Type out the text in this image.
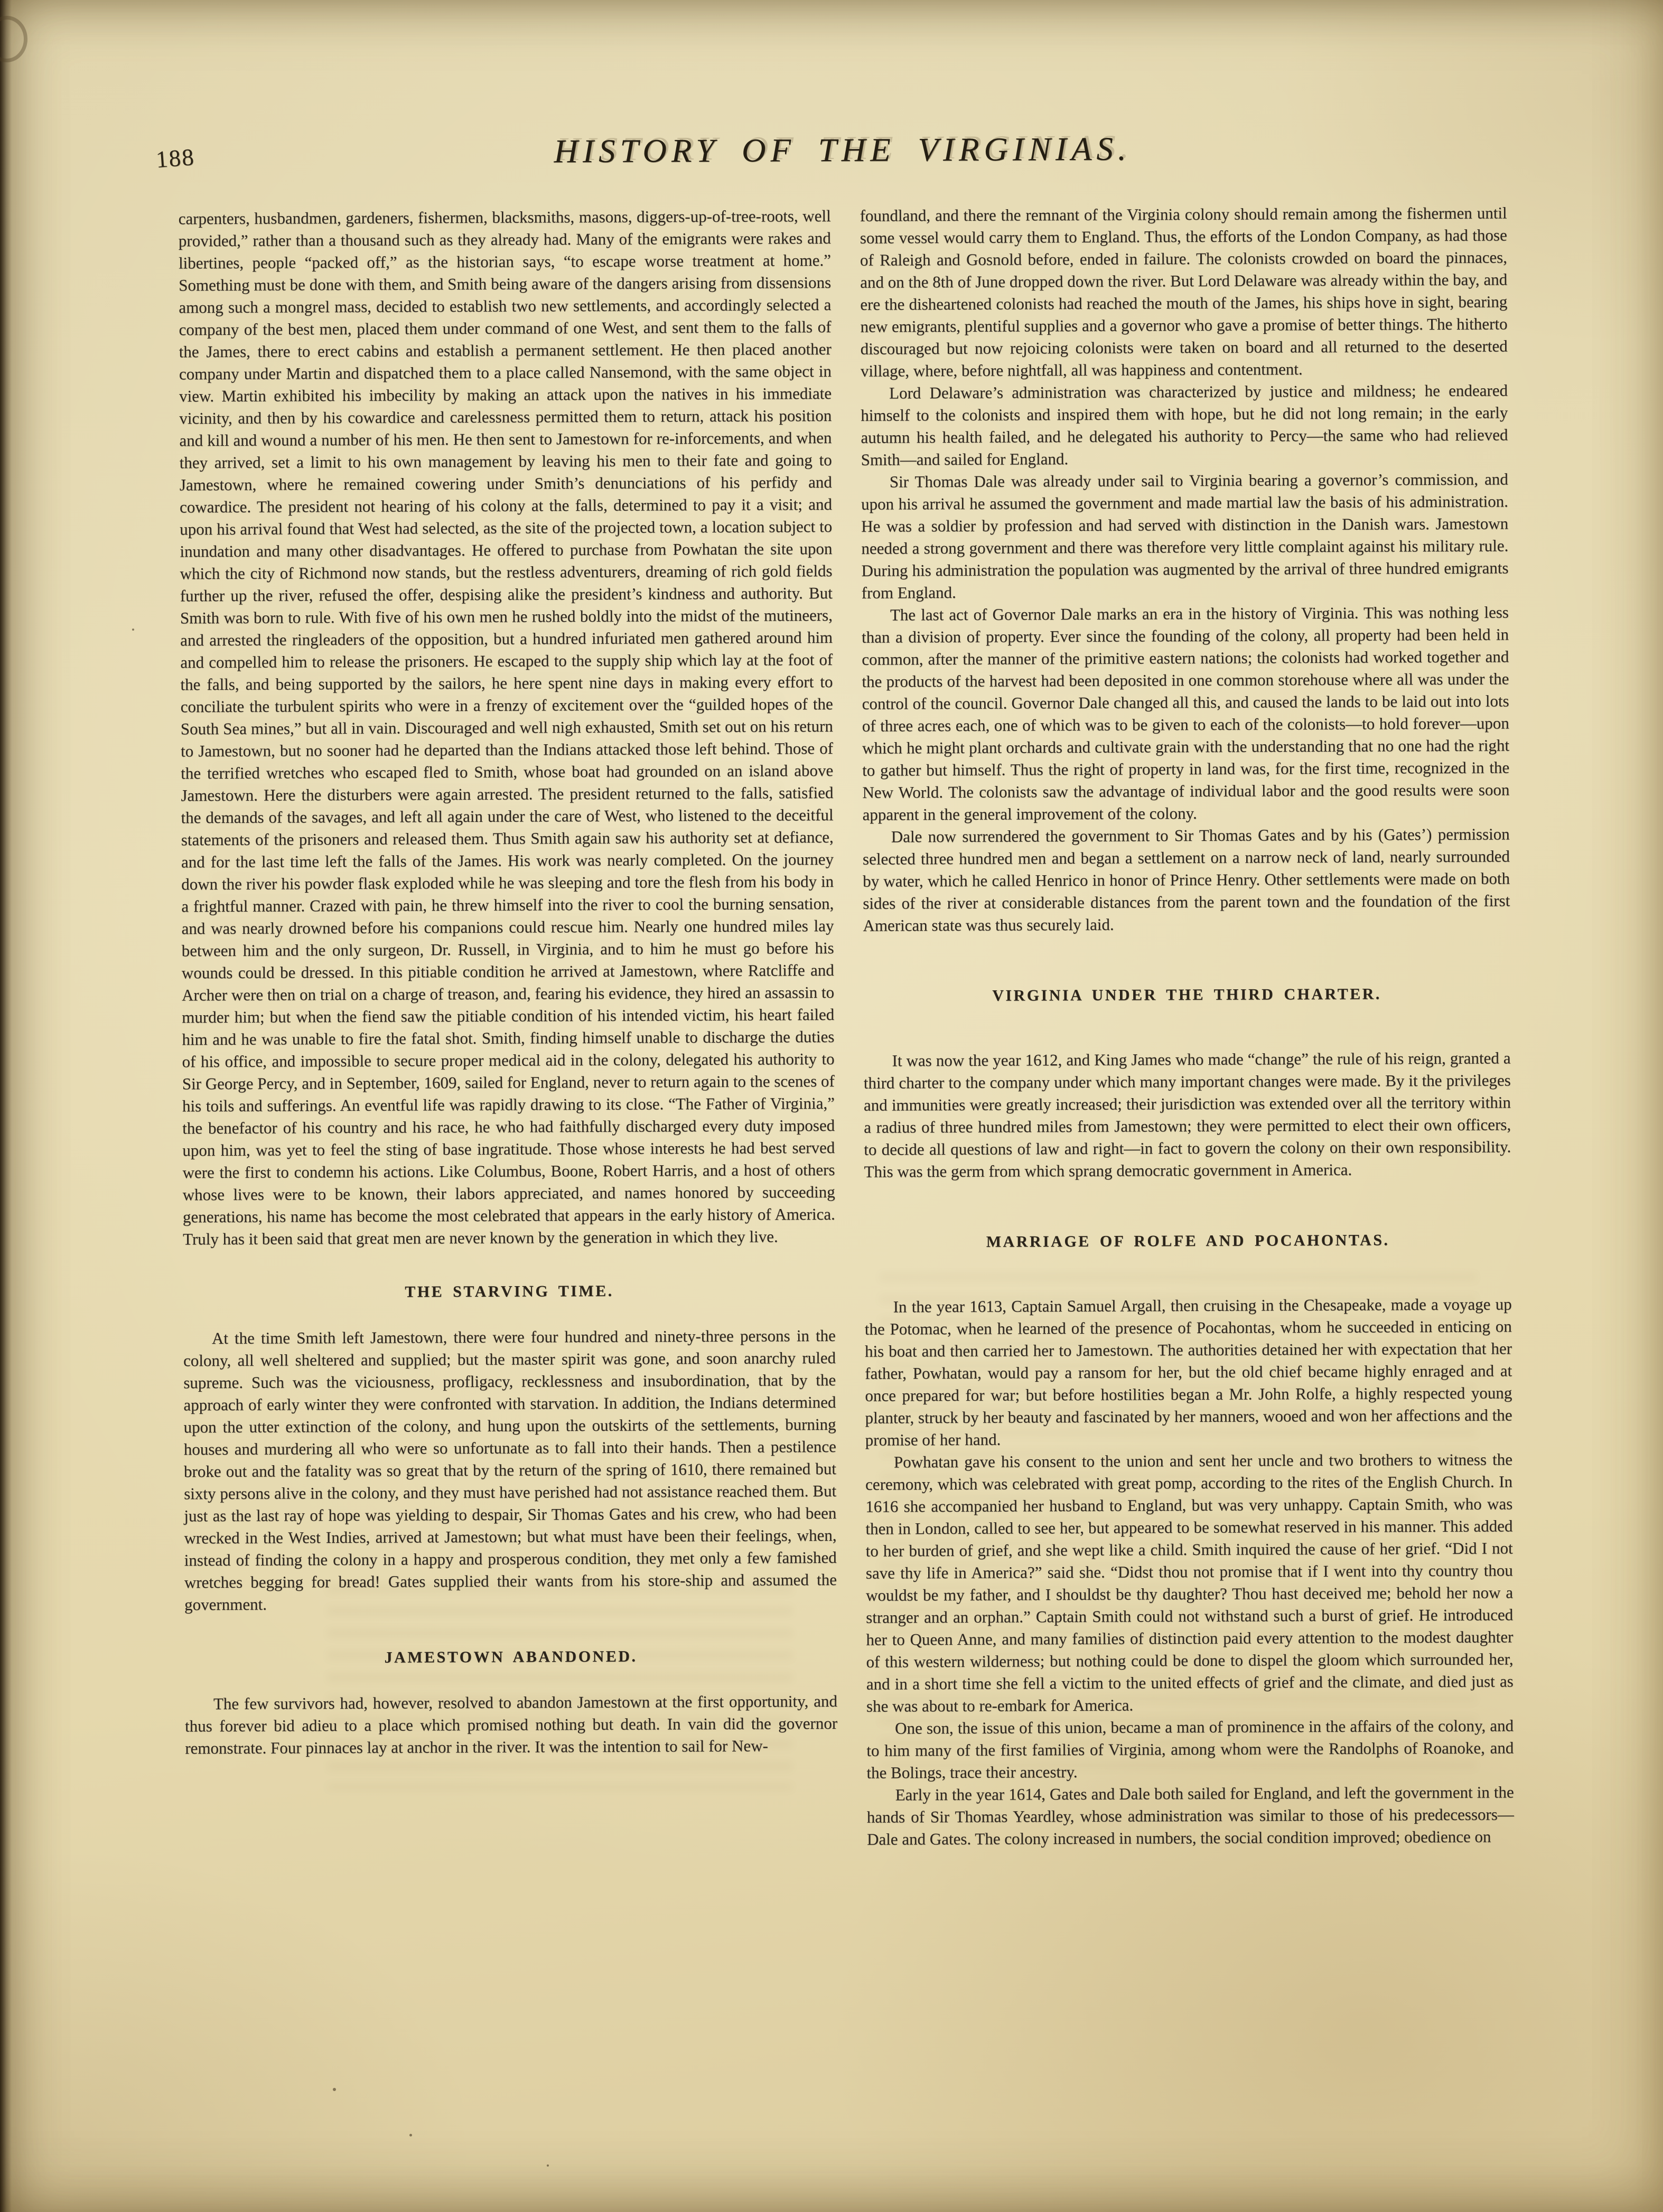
188	HISTORY OF THE VIRGINIAS.

carpenters, husbandmen, gardeners, fishermen, blacksmiths, masons, diggers-up-of-tree-roots, well provided,” rather than a thousand such as they already had. Many of the emigrants were rakes and libertines, people “packed off,” as the historian says, “to escape worse treatment at home.” Something must be done with them, and Smith being aware of the dangers arising from dissensions among such a mongrel mass, decided to establish two new settlements, and accordingly selected a company of the best men, placed them under command of one West, and sent them to the falls of the James, there to erect cabins and establish a permanent settlement. He then placed another company under Martin and dispatched them to a place called Nansemond, with the same object in view. Martin exhibited his imbecility by making an attack upon the natives in his immediate vicinity, and then by his cowardice and carelessness permitted them to return, attack his position and kill and wound a number of his men. He then sent to Jamestown for re-inforcements, and when they arrived, set a limit to his own management by leaving his men to their fate and going to Jamestown, where he remained cowering under Smith’s denunciations of his perfidy and cowardice. The president not hearing of his colony at the falls, determined to pay it a visit; and upon his arrival found that West had selected, as the site of the projected town, a location subject to inundation and many other disadvantages. He offered to purchase from Powhatan the site upon which the city of Richmond now stands, but the restless adventurers, dreaming of rich gold fields further up the river, refused the offer, despising alike the president’s kindness and authority. But Smith was born to rule. With five of his own men he rushed boldly into the midst of the mutineers, and arrested the ringleaders of the opposition, but a hundred infuriated men gathered around him and compelled him to release the prisoners. He escaped to the supply ship which lay at the foot of the falls, and being supported by the sailors, he here spent nine days in making every effort to conciliate the turbulent spirits who were in a frenzy of excitement over the “guilded hopes of the South Sea mines,” but all in vain. Discouraged and well nigh exhausted, Smith set out on his return to Jamestown, but no sooner had he departed than the Indians attacked those left behind. Those of the terrified wretches who escaped fled to Smith, whose boat had grounded on an island above Jamestown. Here the disturbers were again arrested. The president returned to the falls, satisfied the demands of the savages, and left all again under the care of West, who listened to the deceitful statements of the prisoners and released them. Thus Smith again saw his authority set at defiance, and for the last time left the falls of the James. His work was nearly completed. On the journey down the river his powder flask exploded while he was sleeping and tore the flesh from his body in a frightful manner. Crazed with pain, he threw himself into the river to cool the burning sensation, and was nearly drowned before his companions could rescue him. Nearly one hundred miles lay between him and the only surgeon, Dr. Russell, in Virginia, and to him he must go before his wounds could be dressed. In this pitiable condition he arrived at Jamestown, where Ratcliffe and Archer were then on trial on a charge of treason, and, fearing his evidence, they hired an assassin to murder him; but when the fiend saw the pitiable condition of his intended victim, his heart failed him and he was unable to fire the fatal shot. Smith, finding himself unable to discharge the duties of his office, and impossible to secure proper medical aid in the colony, delegated his authority to Sir George Percy, and in September, 1609, sailed for England, never to return again to the scenes of his toils and sufferings. An eventful life was rapidly drawing to its close. “The Father of Virginia,” the benefactor of his country and his race, he who had faithfully discharged every duty imposed upon him, was yet to feel the sting of base ingratitude. Those whose interests he had best served were the first to condemn his actions. Like Columbus, Boone, Robert Harris, and a host of others whose lives were to be known, their labors appreciated, and names honored by succeeding generations, his name has become the most celebrated that appears in the early history of America. Truly has it been said that great men are never known by the generation in which they live.

THE STARVING TIME.

At the time Smith left Jamestown, there were four hundred and ninety-three persons in the colony, all well sheltered and supplied; but the master spirit was gone, and soon anarchy ruled supreme. Such was the viciousness, profligacy, recklessness and insubordination, that by the approach of early winter they were confronted with starvation. In addition, the Indians determined upon the utter extinction of the colony, and hung upon the outskirts of the settlements, burning houses and murdering all who were so unfortunate as to fall into their hands. Then a pestilence broke out and the fatality was so great that by the return of the spring of 1610, there remained but sixty persons alive in the colony, and they must have perished had not assistance reached them. But just as the last ray of hope was yielding to despair, Sir Thomas Gates and his crew, who had been wrecked in the West Indies, arrived at Jamestown; but what must have been their feelings, when, instead of finding the colony in a happy and prosperous condition, they met only a few famished wretches begging for bread! Gates supplied their wants from his store-ship and assumed the government.

JAMESTOWN ABANDONED.

The few survivors had, however, resolved to abandon Jamestown at the first opportunity, and thus forever bid adieu to a place which promised nothing but death. In vain did the governor remonstrate. Four pinnaces lay at anchor in the river. It was the intention to sail for New-

foundland, and there the remnant of the Virginia colony should remain among the fishermen until some vessel would carry them to England. Thus, the efforts of the London Company, as had those of Raleigh and Gosnold before, ended in failure. The colonists crowded on board the pinnaces, and on the 8th of June dropped down the river. But Lord Delaware was already within the bay, and ere the disheartened colonists had reached the mouth of the James, his ships hove in sight, bearing new emigrants, plentiful supplies and a governor who gave a promise of better things. The hitherto discouraged but now rejoicing colonists were taken on board and all returned to the deserted village, where, before nightfall, all was happiness and contentment.

Lord Delaware’s administration was characterized by justice and mildness; he endeared himself to the colonists and inspired them with hope, but he did not long remain; in the early autumn his health failed, and he delegated his authority to Percy—the same who had relieved Smith—and sailed for England.

Sir Thomas Dale was already under sail to Virginia bearing a governor’s commission, and upon his arrival he assumed the government and made martial law the basis of his administration. He was a soldier by profession and had served with distinction in the Danish wars. Jamestown needed a strong government and there was therefore very little complaint against his military rule. During his administration the population was augmented by the arrival of three hundred emigrants from England.

The last act of Governor Dale marks an era in the history of Virginia. This was nothing less than a division of property. Ever since the founding of the colony, all property had been held in common, after the manner of the primitive eastern nations; the colonists had worked together and the products of the harvest had been deposited in one common storehouse where all was under the control of the council. Governor Dale changed all this, and caused the lands to be laid out into lots of three acres each, one of which was to be given to each of the colonists—to hold forever—upon which he might plant orchards and cultivate grain with the understanding that no one had the right to gather but himself. Thus the right of property in land was, for the first time, recognized in the New World. The colonists saw the advantage of individual labor and the good results were soon apparent in the general improvement of the colony.

Dale now surrendered the government to Sir Thomas Gates and by his (Gates’) permission selected three hundred men and began a settlement on a narrow neck of land, nearly surrounded by water, which he called Henrico in honor of Prince Henry. Other settlements were made on both sides of the river at considerable distances from the parent town and the foundation of the first American state was thus securely laid.

VIRGINIA UNDER THE THIRD CHARTER.

It was now the year 1612, and King James who made “change” the rule of his reign, granted a third charter to the company under which many important changes were made. By it the privileges and immunities were greatly increased; their jurisdiction was extended over all the territory within a radius of three hundred miles from Jamestown; they were permitted to elect their own officers, to decide all questions of law and right—in fact to govern the colony on their own responsibility. This was the germ from which sprang democratic government in America.

MARRIAGE OF ROLFE AND POCAHONTAS.

In the year 1613, Captain Samuel Argall, then cruising in the Chesapeake, made a voyage up the Potomac, when he learned of the presence of Pocahontas, whom he succeeded in enticing on his boat and then carried her to Jamestown. The authorities detained her with expectation that her father, Powhatan, would pay a ransom for her, but the old chief became highly enraged and at once prepared for war; but before hostilities began a Mr. John Rolfe, a highly respected young planter, struck by her beauty and fascinated by her manners, wooed and won her affections and the promise of her hand.

Powhatan gave his consent to the union and sent her uncle and two brothers to witness the ceremony, which was celebrated with great pomp, according to the rites of the English Church. In 1616 she accompanied her husband to England, but was very unhappy. Captain Smith, who was then in London, called to see her, but appeared to be somewhat reserved in his manner. This added to her burden of grief, and she wept like a child. Smith inquired the cause of her grief. “Did I not save thy life in America?” said she. “Didst thou not promise that if I went into thy country thou wouldst be my father, and I shouldst be thy daughter? Thou hast deceived me; behold her now a stranger and an orphan.” Captain Smith could not withstand such a burst of grief. He introduced her to Queen Anne, and many families of distinction paid every attention to the modest daughter of this western wilderness; but nothing could be done to dispel the gloom which surrounded her, and in a short time she fell a victim to the united effects of grief and the climate, and died just as she was about to re-embark for America.

One son, the issue of this union, became a man of prominence in the affairs of the colony, and to him many of the first families of Virginia, among whom were the Randolphs of Roanoke, and the Bolings, trace their ancestry.

Early in the year 1614, Gates and Dale both sailed for England, and left the government in the hands of Sir Thomas Yeardley, whose administration was similar to those of his predecessors—Dale and Gates. The colony increased in numbers, the social condition improved; obedience on
